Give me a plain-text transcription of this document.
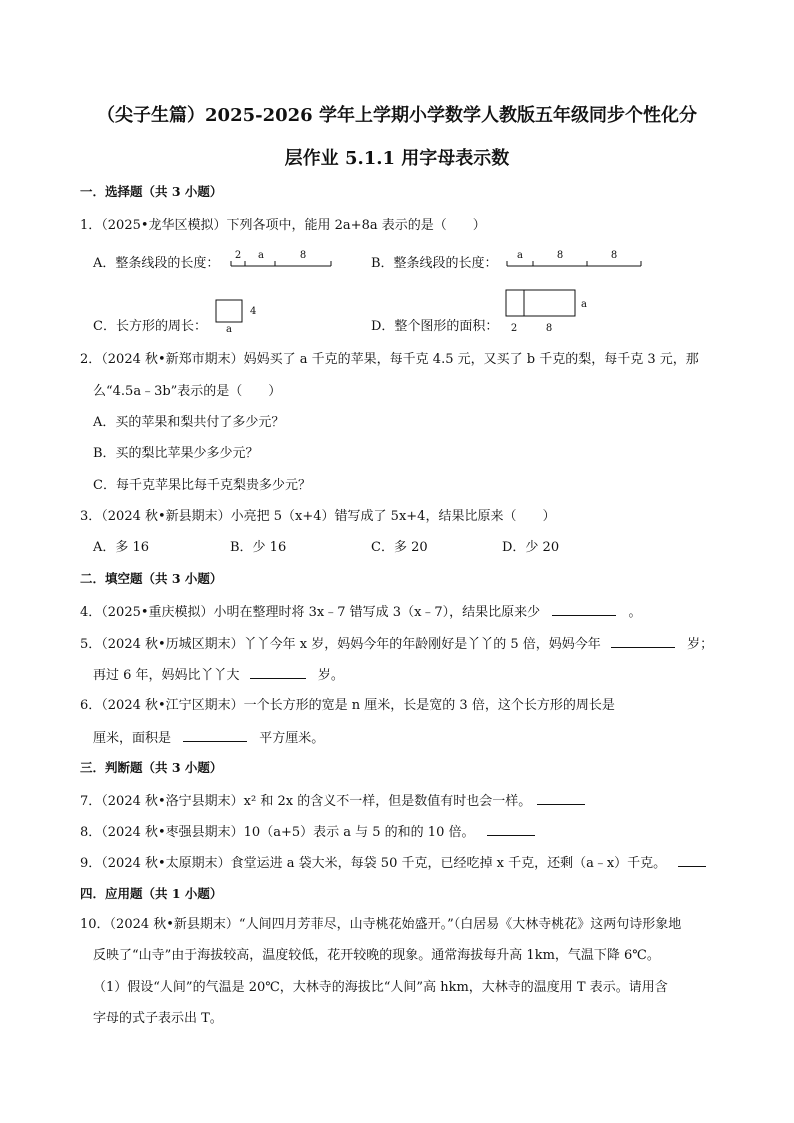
（尖子生篇）2025-2026 学年上学期小学数学人教版五年级同步个性化分
层作业 5.1.1 用字母表示数
一．选择题（共 3 小题）
1．（2025•龙华区模拟）下列各项中，能用 2a+8a 表示的是（　　）
A．整条线段的长度：
2 a	8
B．整条线段的长度：
a	8	8
C．长方形的周长：
4
a	D．整个图形的面积：
a
2	8
2．（2024 秋•新郑市期末）妈妈买了 a 千克的苹果，每千克 4.5 元，又买了 b 千克的梨，每千克 3 元，那
么“4.5a﹣3b”表示的是（　　）
A．买的苹果和梨共付了多少元？
B．买的梨比苹果少多少元？
C．每千克苹果比每千克梨贵多少元？
3．（2024 秋•新县期末）小亮把 5（x+4）错写成了 5x+4，结果比原来（　　）
A．多 16	B．少 16	C．多 20	D．少 20
二．填空题（共 3 小题）
4．（2025•重庆模拟）小明在整理时将 3x﹣7 错写成 3（x﹣7），结果比原来少	。
5．（2024 秋•历城区期末）丫丫今年 x 岁，妈妈今年的年龄刚好是丫丫的 5 倍，妈妈今年	岁；
再过 6 年，妈妈比丫丫大	岁。
6．（2024 秋•江宁区期末）一个长方形的宽是 n 厘米，长是宽的 3 倍，这个长方形的周长是
厘米，面积是	平方厘米。
三．判断题（共 3 小题）
7．（2024 秋•洛宁县期末）x² 和 2x 的含义不一样，但是数值有时也会一样。
8．（2024 秋•枣强县期末）10（a+5）表示 a 与 5 的和的 10 倍。
9．（2024 秋•太原期末）食堂运进 a 袋大米，每袋 50 千克，已经吃掉 x 千克，还剩（a﹣x）千克。
四．应用题（共 1 小题）
10．（2024 秋•新县期末）“人间四月芳菲尽，山寺桃花始盛开。”（白居易《大林寺桃花》这两句诗形象地
反映了“山寺”由于海拔较高，温度较低，花开较晚的现象。通常海拔每升高 1km，气温下降 6℃。
（1）假设“人间”的气温是 20℃，大林寺的海拔比“人间”高 hkm，大林寺的温度用 T 表示。请用含
字母的式子表示出 T。
